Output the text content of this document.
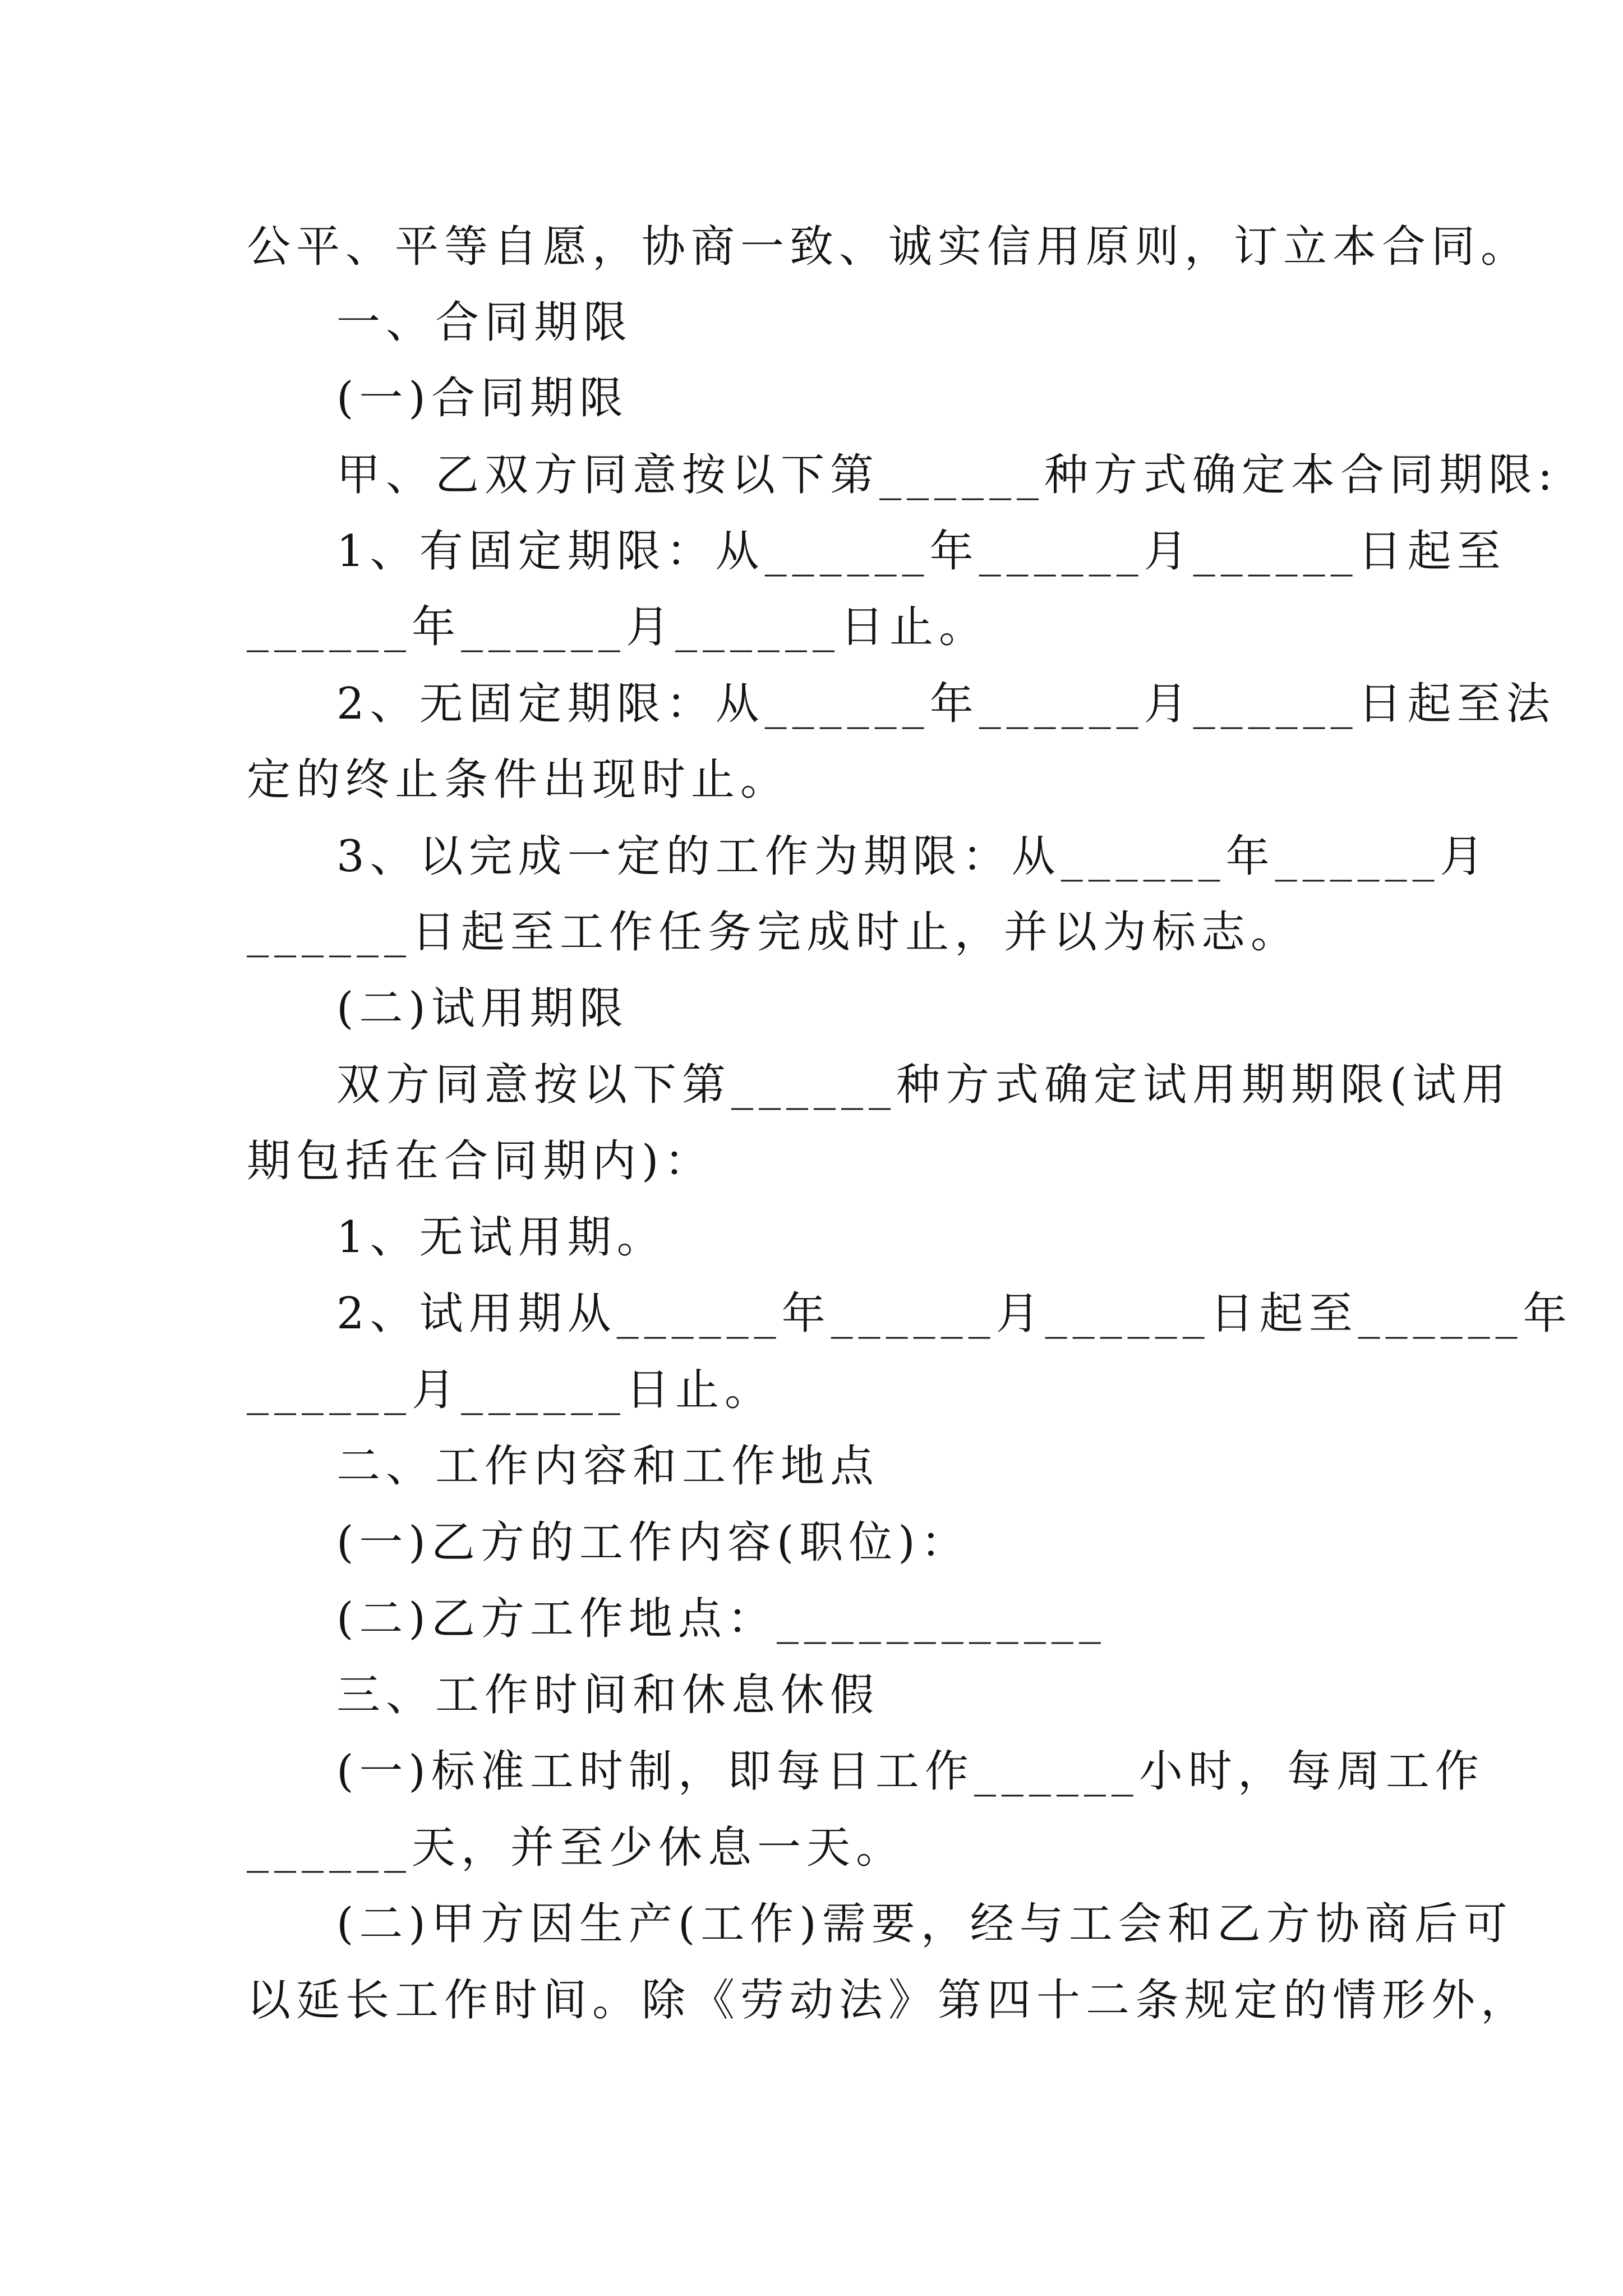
公平、平等自愿，协商一致、诚实信用原则，订立本合同。
一、合同期限
(一)合同期限
甲、乙双方同意按以下第______种方式确定本合同期限:
1、有固定期限：从______年______月______日起至
______年______月______日止。
2、无固定期限：从______年______月______日起至法
定的终止条件出现时止。
3、以完成一定的工作为期限：从______年______月
______日起至工作任务完成时止，并以为标志。
(二)试用期限
双方同意按以下第______种方式确定试用期期限(试用
期包括在合同期内)：
1、无试用期。
2、试用期从______年______月______日起至______年
______月______日止。
二、工作内容和工作地点
(一)乙方的工作内容(职位)：
(二)乙方工作地点：____________
三、工作时间和休息休假
(一)标准工时制，即每日工作______小时，每周工作
______天，并至少休息一天。
(二)甲方因生产(工作)需要，经与工会和乙方协商后可
以延长工作时间。除《劳动法》第四十二条规定的情形外，
